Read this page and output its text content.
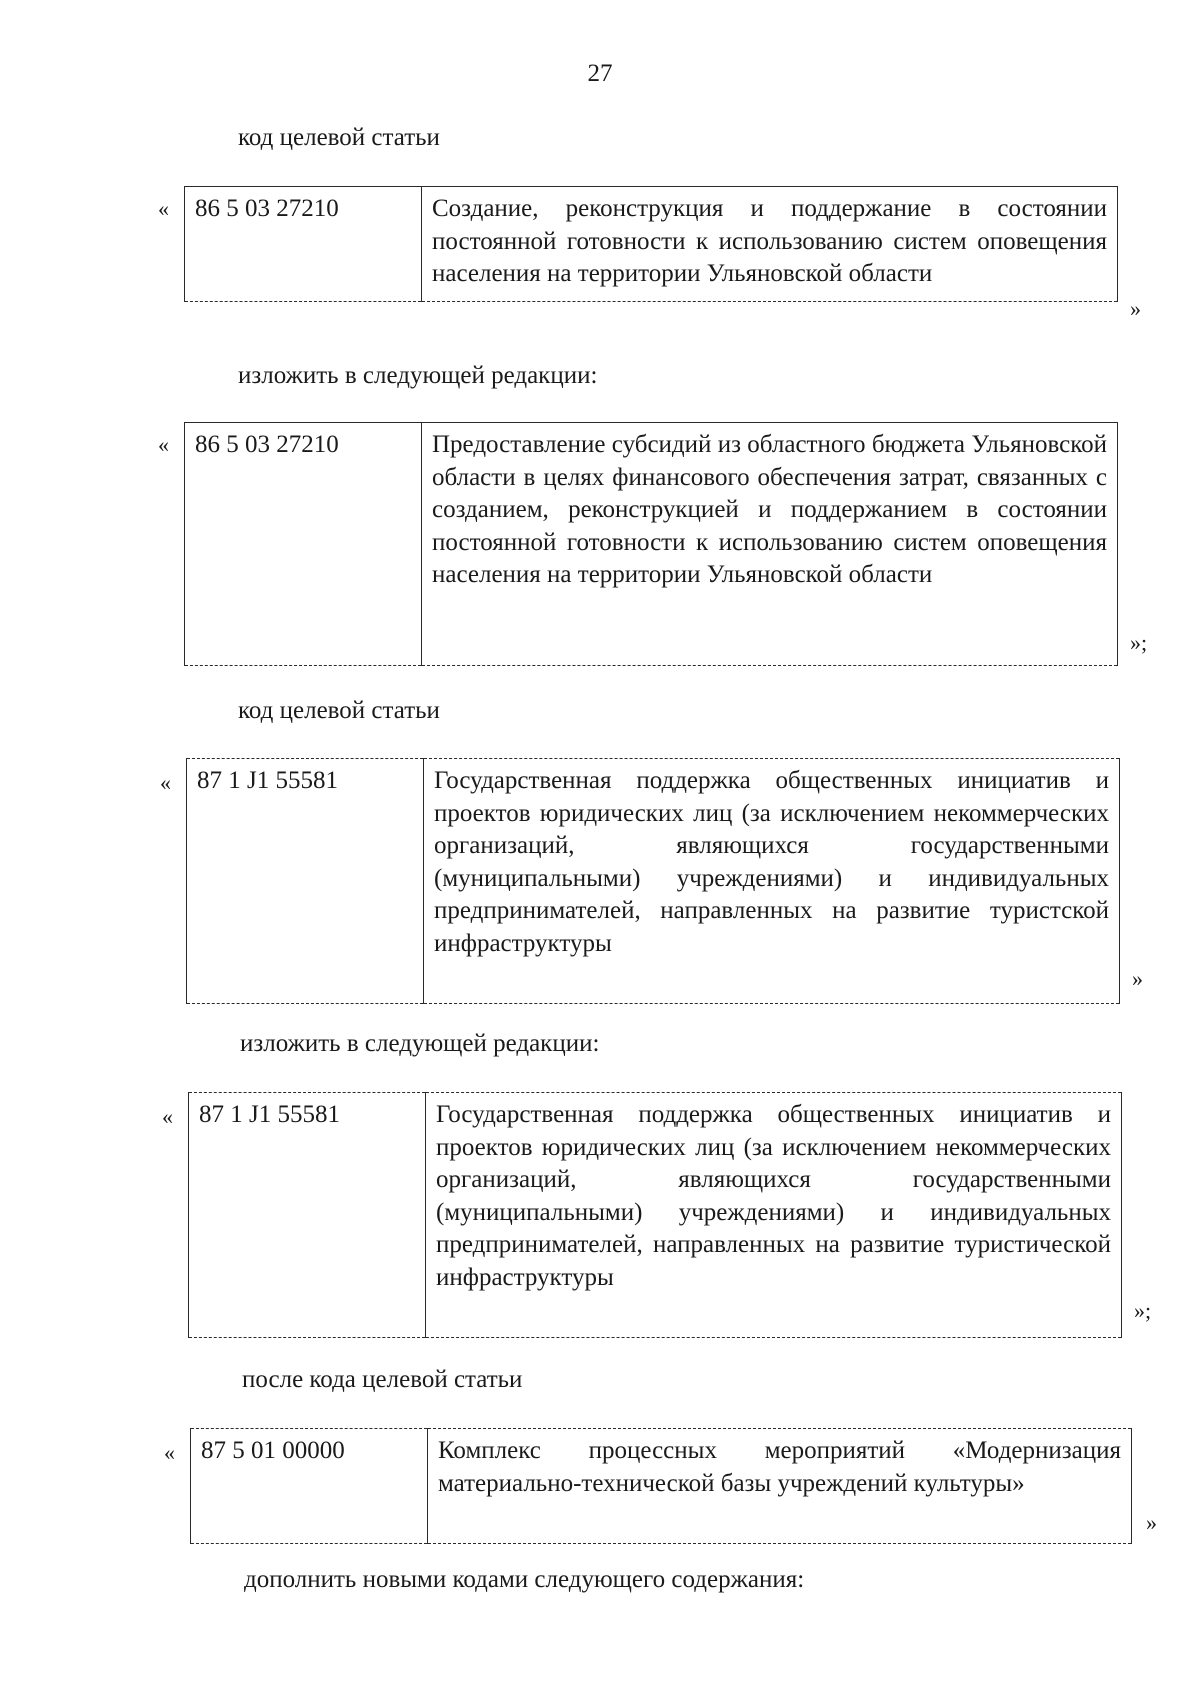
27
код целевой статьи
« 86 5 03 27210	Создание, реконструкция и поддержание в состоянии постоянной готовности к использованию систем оповещения населения на территории Ульяновской области
»
изложить в следующей редакции:
« 86 5 03 27210	Предоставление субсидий из областного бюджета Ульяновской области в целях финансового обеспечения затрат, связанных с созданием, реконструкцией и поддержанием в состоянии постоянной готовности к использованию систем оповещения населения на территории Ульяновской области
»;
код целевой статьи
« 87 1 J1 55581	Государственная поддержка общественных инициатив и проектов юридических лиц (за исключением некоммерческих организаций, являющихся государственными (муниципальными) учреждениями) и индивидуальных предпринимателей, направленных на развитие туристской инфраструктуры
»
изложить в следующей редакции:
« 87 1 J1 55581	Государственная поддержка общественных инициатив и проектов юридических лиц (за исключением некоммерческих организаций, являющихся государственными (муниципальными) учреждениями) и индивидуальных предпринимателей, направленных на развитие туристической инфраструктуры
»;
после кода целевой статьи
« 87 5 01 00000	Комплекс процессных мероприятий «Модернизация материально-технической базы учреждений культуры»
»
дополнить новыми кодами следующего содержания:
